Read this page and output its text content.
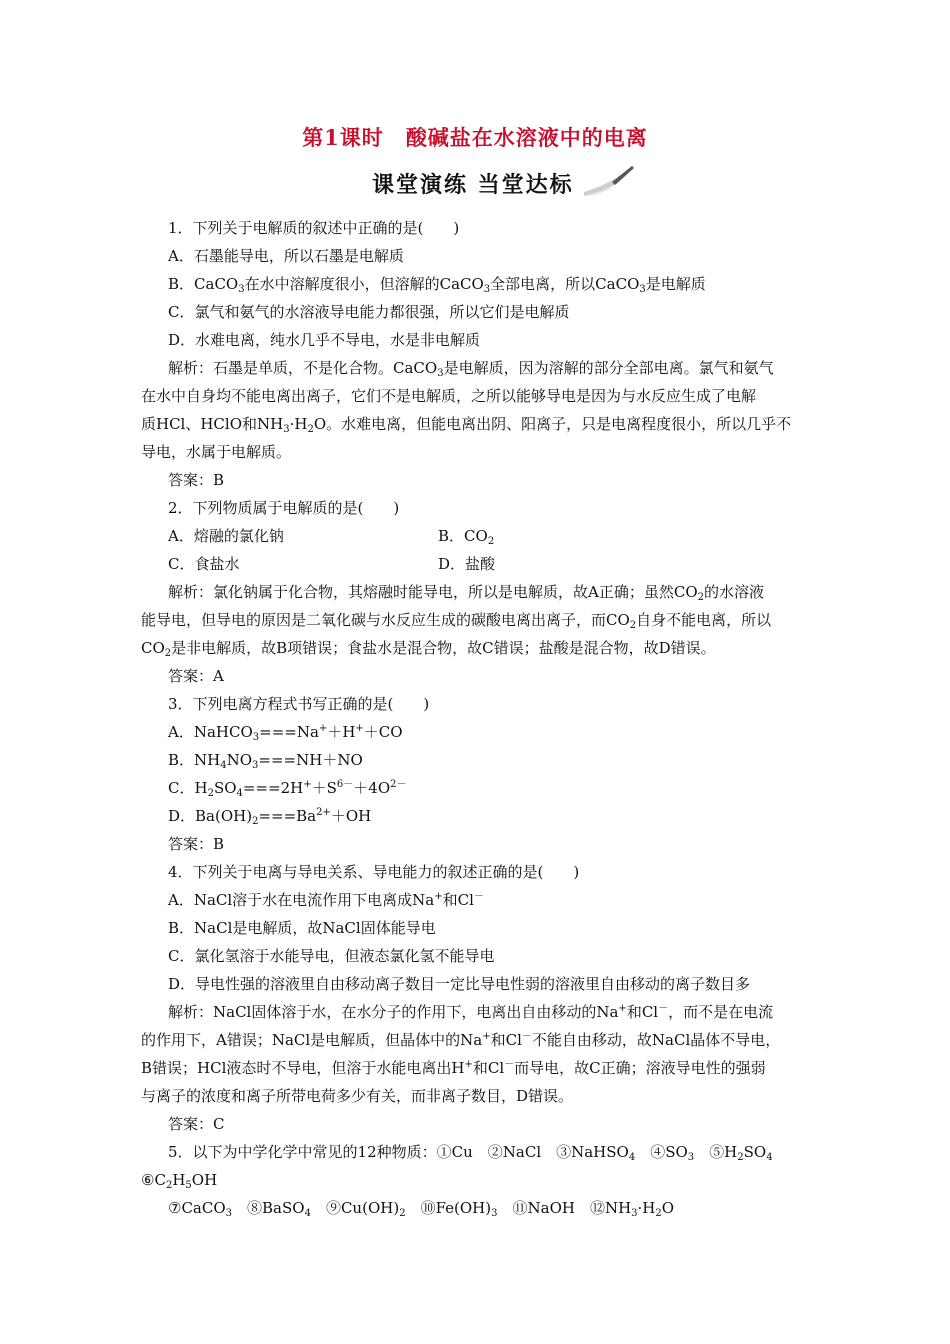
第1课时 酸碱盐在水溶液中的电离
课堂演练 当堂达标
1．下列关于电解质的叙述中正确的是(　　)
A．石墨能导电，所以石墨是电解质
B．CaCO$_3$在水中溶解度很小，但溶解的CaCO$_3$全部电离，所以CaCO$_3$是电解质
C．氯气和氨气的水溶液导电能力都很强，所以它们是电解质
D．水难电离，纯水几乎不导电，水是非电解质
解析：石墨是单质，不是化合物。CaCO$_3$是电解质，因为溶解的部分全部电离。氯气和氨气
在水中自身均不能电离出离子，它们不是电解质，之所以能够导电是因为与水反应生成了电解
质HCl、HClO和$NH_3\cdot H_2O$。水难电离，但能电离出阴、阳离子，只是电离程度很小，所以几乎不
导电，水属于电解质。
答案：B
2．下列物质属于电解质的是(　　)
A．熔融的氯化钠	B．$CO_2$
C．食盐水	D．盐酸
解析：氯化钠属于化合物，其熔融时能导电，所以是电解质，故A正确；虽然$CO_2$的水溶液
能导电，但导电的原因是二氧化碳与水反应生成的碳酸电离出离子，而$CO_2$自身不能电离，所以
$CO_2$是非电解质，故B项错误；食盐水是混合物，故C错误；盐酸是混合物，故D错误。
答案：A
3．下列电离方程式书写正确的是(　　)
A．NaHCO$_3$===Na+＋H+＋CO
B．$NH_4NO_3===NH+NO$
C．$H_2SO_4===2H^++S^{6-}+4O^{2-}$
D．$Ba(OH)_2===Ba^{2+}+OH$
答案：B
4．下列关于电离与导电关系、导电能力的叙述正确的是(　　)
A．NaCl溶于水在电流作用下电离成Na+和Cl－
B．NaCl是电解质，故NaCl固体能导电
C．氯化氢溶于水能导电，但液态氯化氢不能导电
D．导电性强的溶液里自由移动离子数目一定比导电性弱的溶液里自由移动的离子数目多
解析：NaCl固体溶于水，在水分子的作用下，电离出自由移动的Na+和Cl－，而不是在电流
的作用下，A错误；NaCl是电解质，但晶体中的Na+和Cl－不能自由移动，故NaCl晶体不导电，
B错误；HCl液态时不导电，但溶于水能电离出H+和Cl－而导电，故C正确；溶液导电性的强弱
与离子的浓度和离子所带电荷多少有关，而非离子数目，D错误。
答案：C
5．以下为中学化学中常见的12种物质：①Cu　②NaCl　③NaHSO$_4$　$④SO_3$　$⑤H_2SO_4$
$⑥C_2H_5OH$
⑦CaCO$_3$　⑧BaSO$_4$　$⑨Cu(OH)_2$　$⑩Fe(OH)_3$　⑪NaOH　$⑫NH_3\cdot H_2O$
